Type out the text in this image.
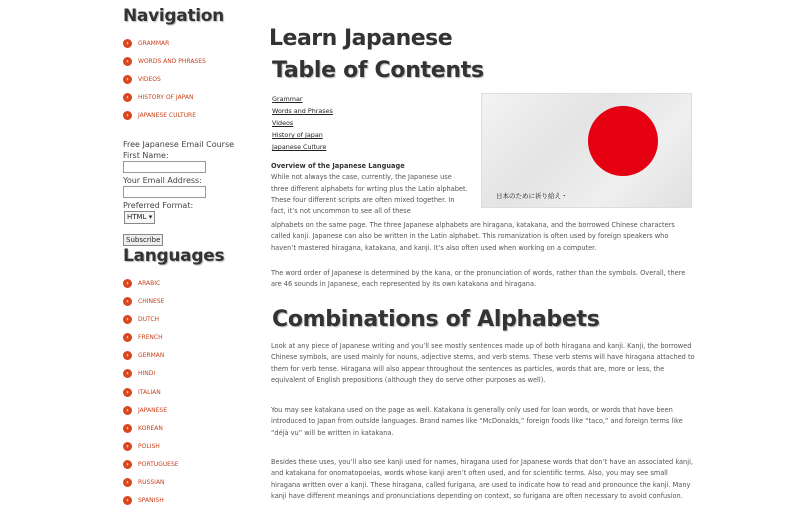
Navigation
›	GRAMMAR
›	WORDS AND PHRASES
›	VIDEOS
›	HISTORY OF JAPAN
›	JAPANESE CULTURE
Free Japanese Email Course
First Name:
Your Email Address:
Preferred Format:
HTML ▾
Subscribe
Languages
›	ARABIC
›	CHINESE
›	DUTCH
›	FRENCH
›	GERMAN
›	HINDI
›	ITALIAN
›	JAPANESE
›	KOREAN
›	POLISH
›	PORTUGUESE
›	RUSSIAN
›	SPANISH
Learn Japanese
Table of Contents
Grammar
Words and Phrases
Videos
History of Japan
Japanese Culture
日本のために祈り給え・

Overview of the Japanese Language
While not always the case, currently, the Japanese use three different alphabets for wrting plus the Latin alphabet. These four different scripts are often mixed together. In fact, it’s not uncommon to see all of these

alphabets on the same page. The three Japanese alphabets are hiragana, katakana, and the borrowed Chinese characters called kanji. Japanese can also be written in the Latin alphabet. This romanization is often used by foreign speakers who haven’t mastered hiragana, katakana, and kanji. It’s also often used when working on a computer.

The word order of Japanese is determined by the kana, or the pronunciation of words, rather than the symbols. Overall, there are 46 sounds in Japanese, each represented by its own katakana and hiragana.

Combinations of Alphabets

Look at any piece of Japanese writing and you’ll see mostly sentences made up of both hiragana and kanji. Kanji, the borrowed Chinese symbols, are used mainly for nouns, adjective stems, and verb stems. These verb stems will have hiragana attached to them for verb tense. Hiragana will also appear throughout the sentences as particles, words that are, more or less, the equivalent of English prepositions (although they do serve other purposes as well).

You may see katakana used on the page as well. Katakana is generally only used for loan words, or words that have been introduced to Japan from outside languages. Brand names like “McDonalds,” foreign foods like “taco,” and foreign terms like “déjà vu” will be written in katakana.

Besides these uses, you’ll also see kanji used for names, hiragana used for Japanese words that don’t have an associated kanji, and katakana for onomatopoeias, words whose kanji aren’t often used, and for scientific terms. Also, you may see small hiragana written over a kanji. These hiragana, called furigana, are used to indicate how to read and pronounce the kanji. Many kanji have different meanings and pronunciations depending on context, so furigana are often necessary to avoid confusion.
